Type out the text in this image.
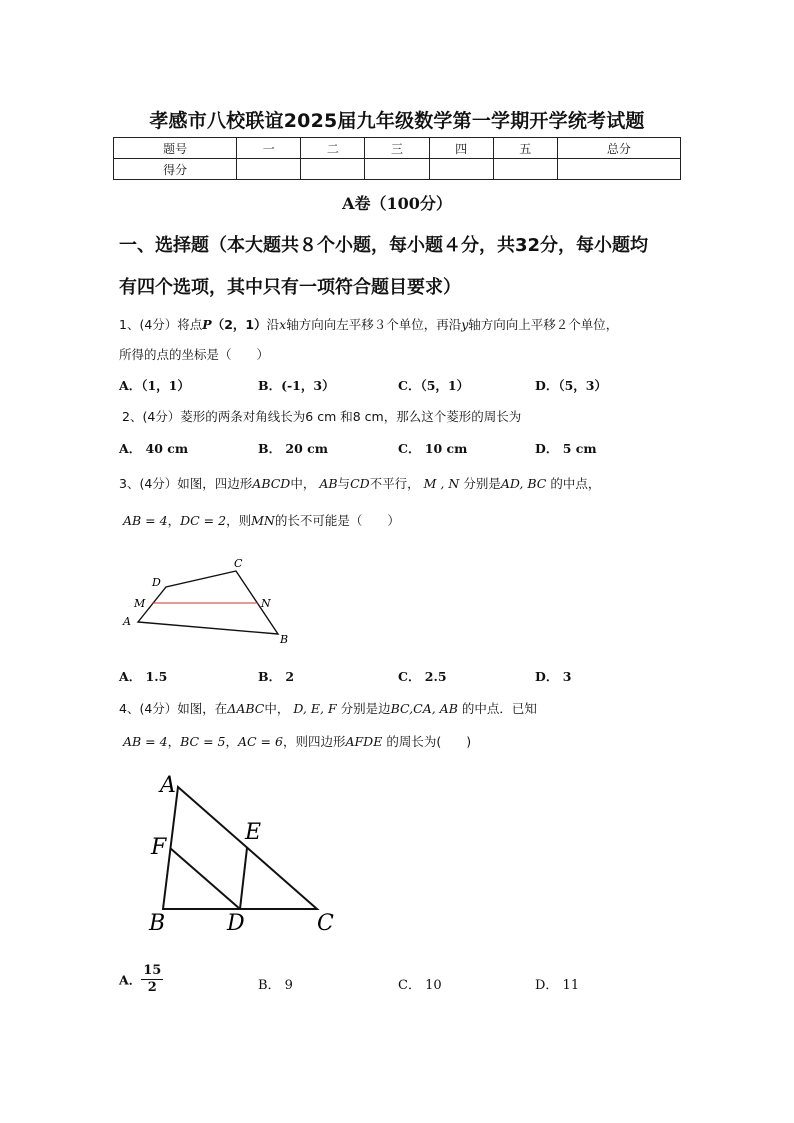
孝感市八校联谊2025届九年级数学第一学期开学统考试题
题号	一	二	三	四	五	总分
得分						
A卷（100分）
一、选择题（本大题共８个小题，每小题４分，共32分，每小题均
有四个选项，其中只有一项符合题目要求）
1、(4分）将点P（2，1）沿x轴方向向左平移３个单位，再沿y轴方向向上平移２个单位，
所得的点的坐标是（　　）
A．（1，1）	B．(-1，3）	C．（5，1）	D．（5，3）
2、(4分）菱形的两条对角线长为6 cm 和8 cm，那么这个菱形的周长为
A． 40 cm	B． 20 cm	C． 10 cm	D． 5 cm
3、(4分）如图，四边形ABCD中， AB与CD不平行， M , N 分别是AD, BC 的中点，
AB = 4，DC = 2，则MN的长不可能是（　　）
D
C
M	N
A
B
A． 1.5	B． 2	C． 2.5	D． 3
4、(4分）如图，在ΔABC中， D, E, F 分别是边BC,CA, AB 的中点．已知
AB = 4，BC = 5，AC = 6，则四边形AFDE 的周长为(　　)
A
E
F
B	D	C
A． $\frac{15}{2}$	B． 9	C． 10	D． 11
